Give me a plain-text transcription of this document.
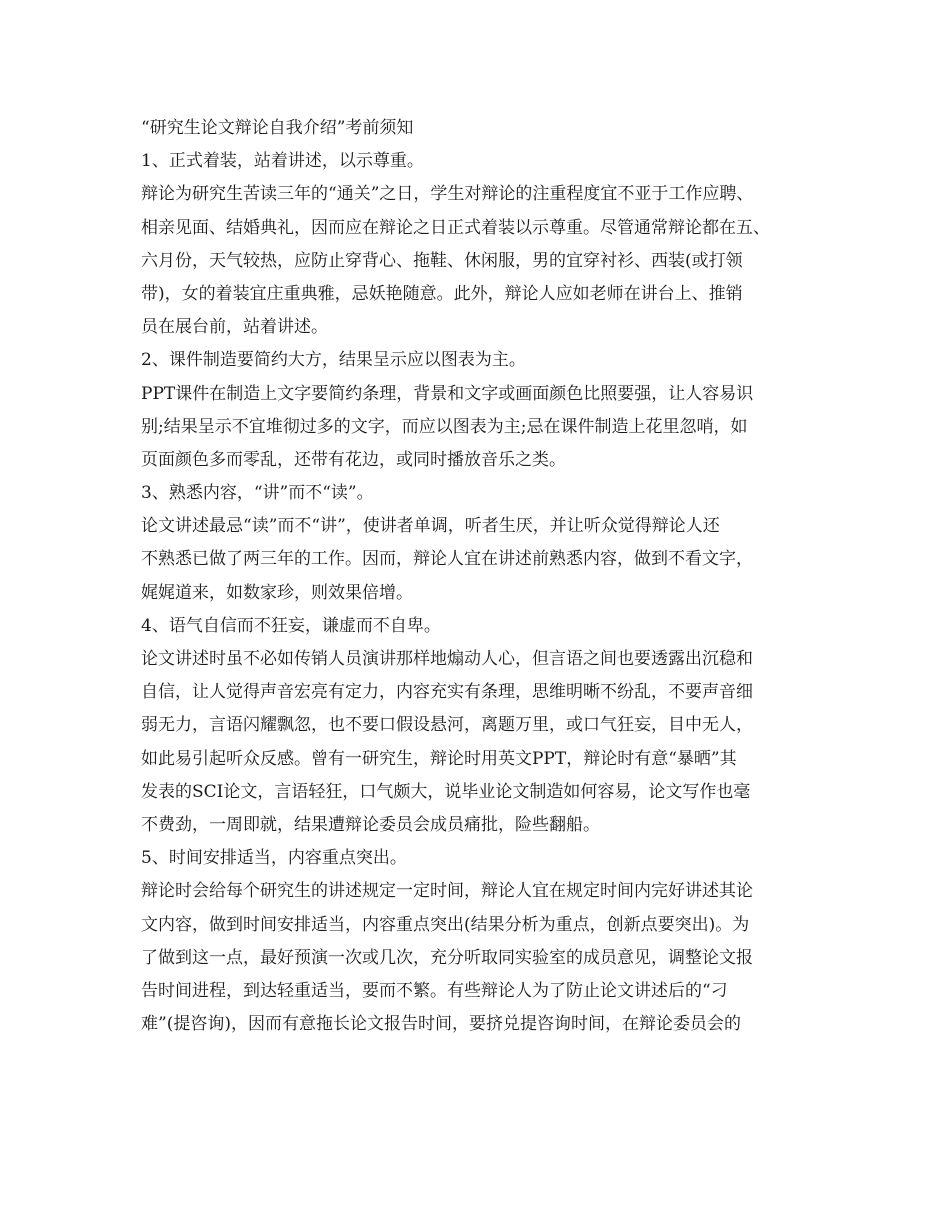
“研究生论文辩论自我介绍”考前须知
1、正式着装，站着讲述，以示尊重。
辩论为研究生苦读三年的“通关”之日，学生对辩论的注重程度宜不亚于工作应聘、
相亲见面、结婚典礼，因而应在辩论之日正式着装以示尊重。尽管通常辩论都在五、
六月份，天气较热，应防止穿背心、拖鞋、休闲服，男的宜穿衬衫、西装(或打领
带)，女的着装宜庄重典雅，忌妖艳随意。此外，辩论人应如老师在讲台上、推销
员在展台前，站着讲述。
2、课件制造要简约大方，结果呈示应以图表为主。
PPT课件在制造上文字要简约条理，背景和文字或画面颜色比照要强，让人容易识
别;结果呈示不宜堆彻过多的文字，而应以图表为主;忌在课件制造上花里忽哨，如
页面颜色多而零乱，还带有花边，或同时播放音乐之类。
3、熟悉内容，“讲”而不“读”。
论文讲述最忌“读”而不“讲”，使讲者单调，听者生厌，并让听众觉得辩论人还
不熟悉已做了两三年的工作。因而，辩论人宜在讲述前熟悉内容，做到不看文字，
娓娓道来，如数家珍，则效果倍增。
4、语气自信而不狂妄，谦虚而不自卑。
论文讲述时虽不必如传销人员演讲那样地煽动人心，但言语之间也要透露出沉稳和
自信，让人觉得声音宏亮有定力，内容充实有条理，思维明晰不纷乱，不要声音细
弱无力，言语闪耀飘忽，也不要口假设悬河，离题万里，或口气狂妄，目中无人，
如此易引起听众反感。曾有一研究生，辩论时用英文PPT，辩论时有意“暴晒”其
发表的SCI论文，言语轻狂，口气颇大，说毕业论文制造如何容易，论文写作也毫
不费劲，一周即就，结果遭辩论委员会成员痛批，险些翻船。
5、时间安排适当，内容重点突出。
辩论时会给每个研究生的讲述规定一定时间，辩论人宜在规定时间内完好讲述其论
文内容，做到时间安排适当，内容重点突出(结果分析为重点，创新点要突出)。为
了做到这一点，最好预演一次或几次，充分听取同实验室的成员意见，调整论文报
告时间进程，到达轻重适当，要而不繁。有些辩论人为了防止论文讲述后的“刁
难”(提咨询)，因而有意拖长论文报告时间，要挤兑提咨询时间，在辩论委员会的
